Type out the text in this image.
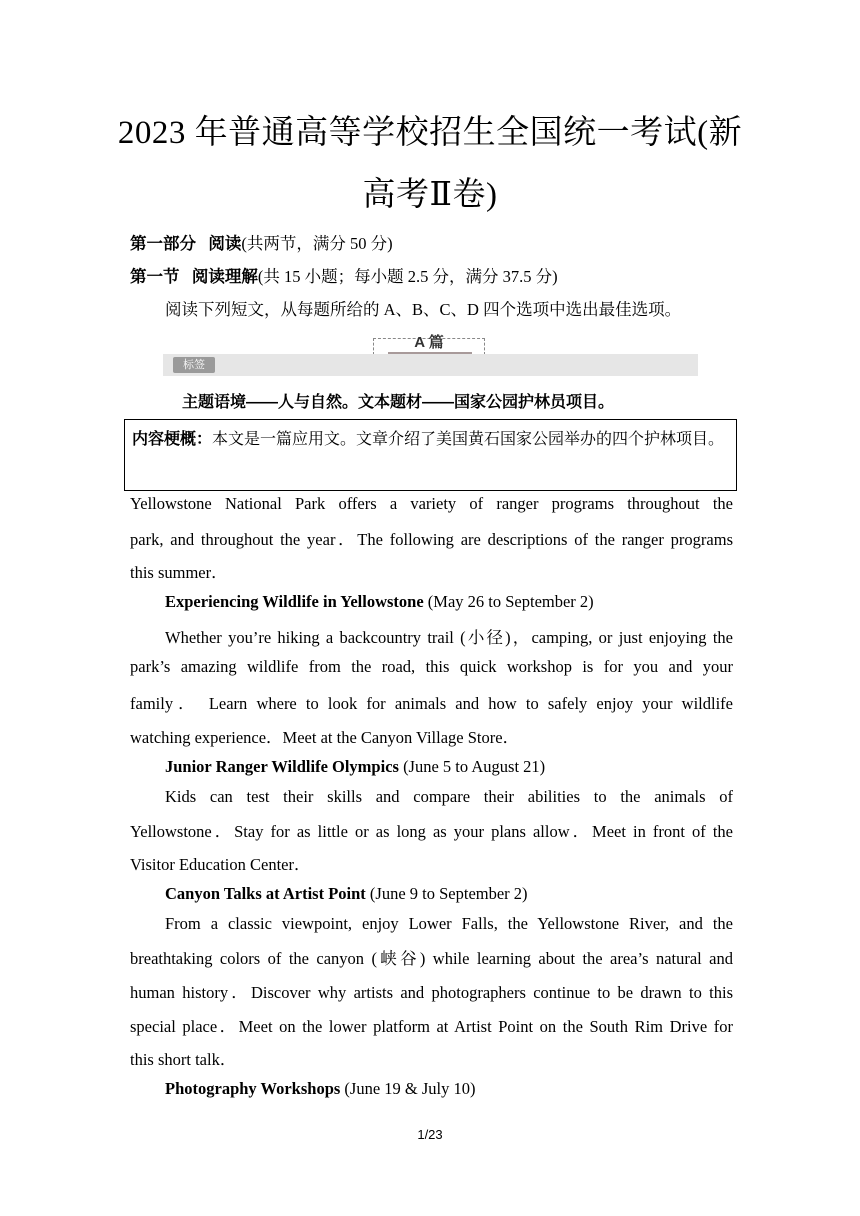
2023 年普通高等学校招生全国统一考试(新
高考Ⅱ卷)
第一部分 阅读(共两节，满分 50 分)
第一节 阅读理解(共 15 小题；每小题 2.5 分，满分 37.5 分)
阅读下列短文，从每题所给的 A、B、C、D 四个选项中选出最佳选项。
A 篇
标签
主题语境——人与自然。文本题材——国家公园护林员项目。
内容梗概：本文是一篇应用文。文章介绍了美国黄石国家公园举办的四个护林项目。
Yellowstone National Park offers a variety of ranger programs throughout the
park, and throughout the year．The following are descriptions of the ranger programs
this summer．
Experiencing Wildlife in Yellowstone (May 26 to September 2)
Whether you’re hiking a backcountry trail (小径)，camping, or just enjoying the
park’s amazing wildlife from the road, this quick workshop is for you and your
family． Learn where to look for animals and how to safely enjoy your wildlife
watching experience．Meet at the Canyon Village Store．
Junior Ranger Wildlife Olympics (June 5 to August 21)
Kids can test their skills and compare their abilities to the animals of
Yellowstone．Stay for as little or as long as your plans allow．Meet in front of the
Visitor Education Center．
Canyon Talks at Artist Point (June 9 to September 2)
From a classic viewpoint, enjoy Lower Falls, the Yellowstone River, and the
breathtaking colors of the canyon (峡谷) while learning about the area’s natural and
human history．Discover why artists and photographers continue to be drawn to this
special place．Meet on the lower platform at Artist Point on the South Rim Drive for
this short talk．
Photography Workshops (June 19 & July 10)
1/23
